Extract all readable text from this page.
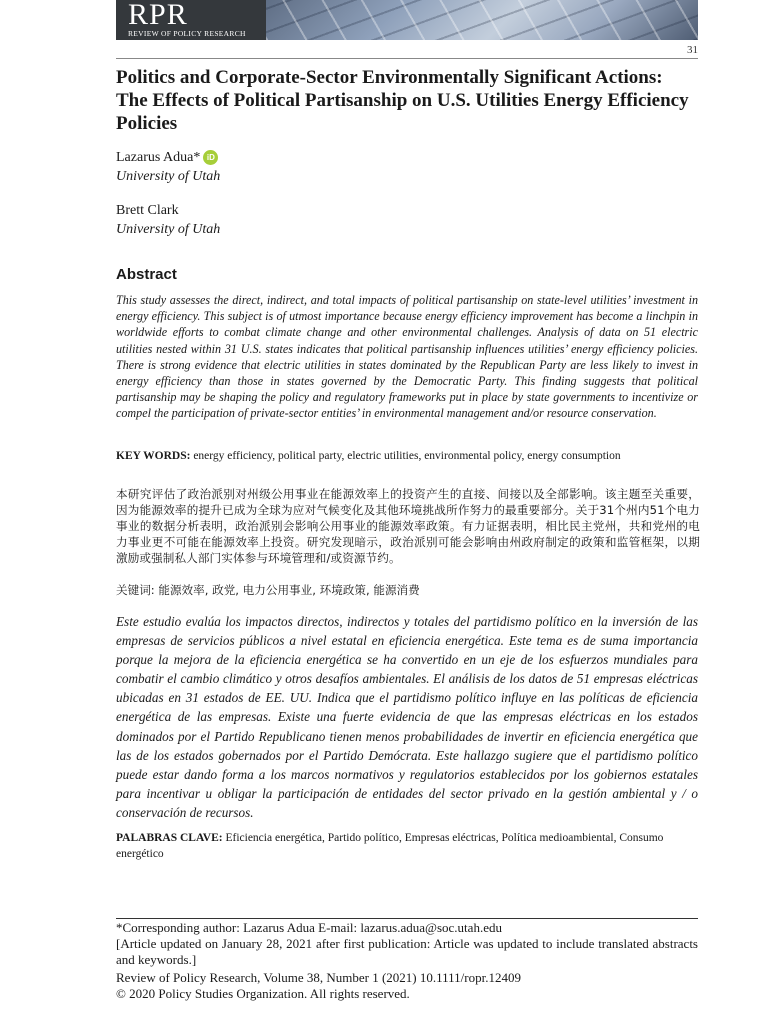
RPR
REVIEW OF POLICY RESEARCH
31
Politics and Corporate-Sector Environmentally Significant Actions: The Effects of Political Partisanship on U.S. Utilities Energy Efficiency Policies
Lazarus Adua* iD
University of Utah
Brett Clark
University of Utah
Abstract
This study assesses the direct, indirect, and total impacts of political partisanship on state-level utilities’ investment in energy efficiency. This subject is of utmost importance because energy efficiency improvement has become a linchpin in worldwide efforts to combat climate change and other environmental challenges. Analysis of data on 51 electric utilities nested within 31 U.S. states indicates that political partisanship influences utilities’ energy efficiency policies. There is strong evidence that electric utilities in states dominated by the Republican Party are less likely to invest in energy efficiency than those in states governed by the Democratic Party. This finding suggests that political partisanship may be shaping the policy and regulatory frameworks put in place by state governments to incentivize or compel the participation of private-sector entities’ in environmental management and/or resource conservation.
KEY WORDS: energy efficiency, political party, electric utilities, environmental policy, energy consumption
本研究评估了政治派别对州级公用事业在能源效率上的投资产生的直接、间接以及全部影响。该主题至关重要，因为能源效率的提升已成为全球为应对气候变化及其他环境挑战所作努力的最重要部分。关于31个州内51个电力事业的数据分析表明，政治派别会影响公用事业的能源效率政策。有力证据表明，相比民主党州，共和党州的电力事业更不可能在能源效率上投资。研究发现暗示，政治派别可能会影响由州政府制定的政策和监管框架，以期激励或强制私人部门实体参与环境管理和/或资源节约。
关键词: 能源效率, 政党, 电力公用事业, 环境政策, 能源消费
Este estudio evalúa los impactos directos, indirectos y totales del partidismo político en la inversión de las empresas de servicios públicos a nivel estatal en eficiencia energética. Este tema es de suma importancia porque la mejora de la eficiencia energética se ha convertido en un eje de los esfuerzos mundiales para combatir el cambio climático y otros desafíos ambientales. El análisis de los datos de 51 empresas eléctricas ubicadas en 31 estados de EE. UU. Indica que el partidismo político influye en las políticas de eficiencia energética de las empresas. Existe una fuerte evidencia de que las empresas eléctricas en los estados dominados por el Partido Republicano tienen menos probabilidades de invertir en eficiencia energética que las de los estados gobernados por el Partido Demócrata. Este hallazgo sugiere que el partidismo político puede estar dando forma a los marcos normativos y regulatorios establecidos por los gobiernos estatales para incentivar u obligar la participación de entidades del sector privado en la gestión ambiental y / o conservación de recursos.
PALABRAS CLAVE: Eficiencia energética, Partido político, Empresas eléctricas, Política medioambiental, Consumo energético
*Corresponding author: Lazarus Adua E-mail: lazarus.adua@soc.utah.edu
[Article updated on January 28, 2021 after first publication: Article was updated to include translated abstracts and keywords.]
Review of Policy Research, Volume 38, Number 1 (2021) 10.1111/ropr.12409
© 2020 Policy Studies Organization. All rights reserved.
